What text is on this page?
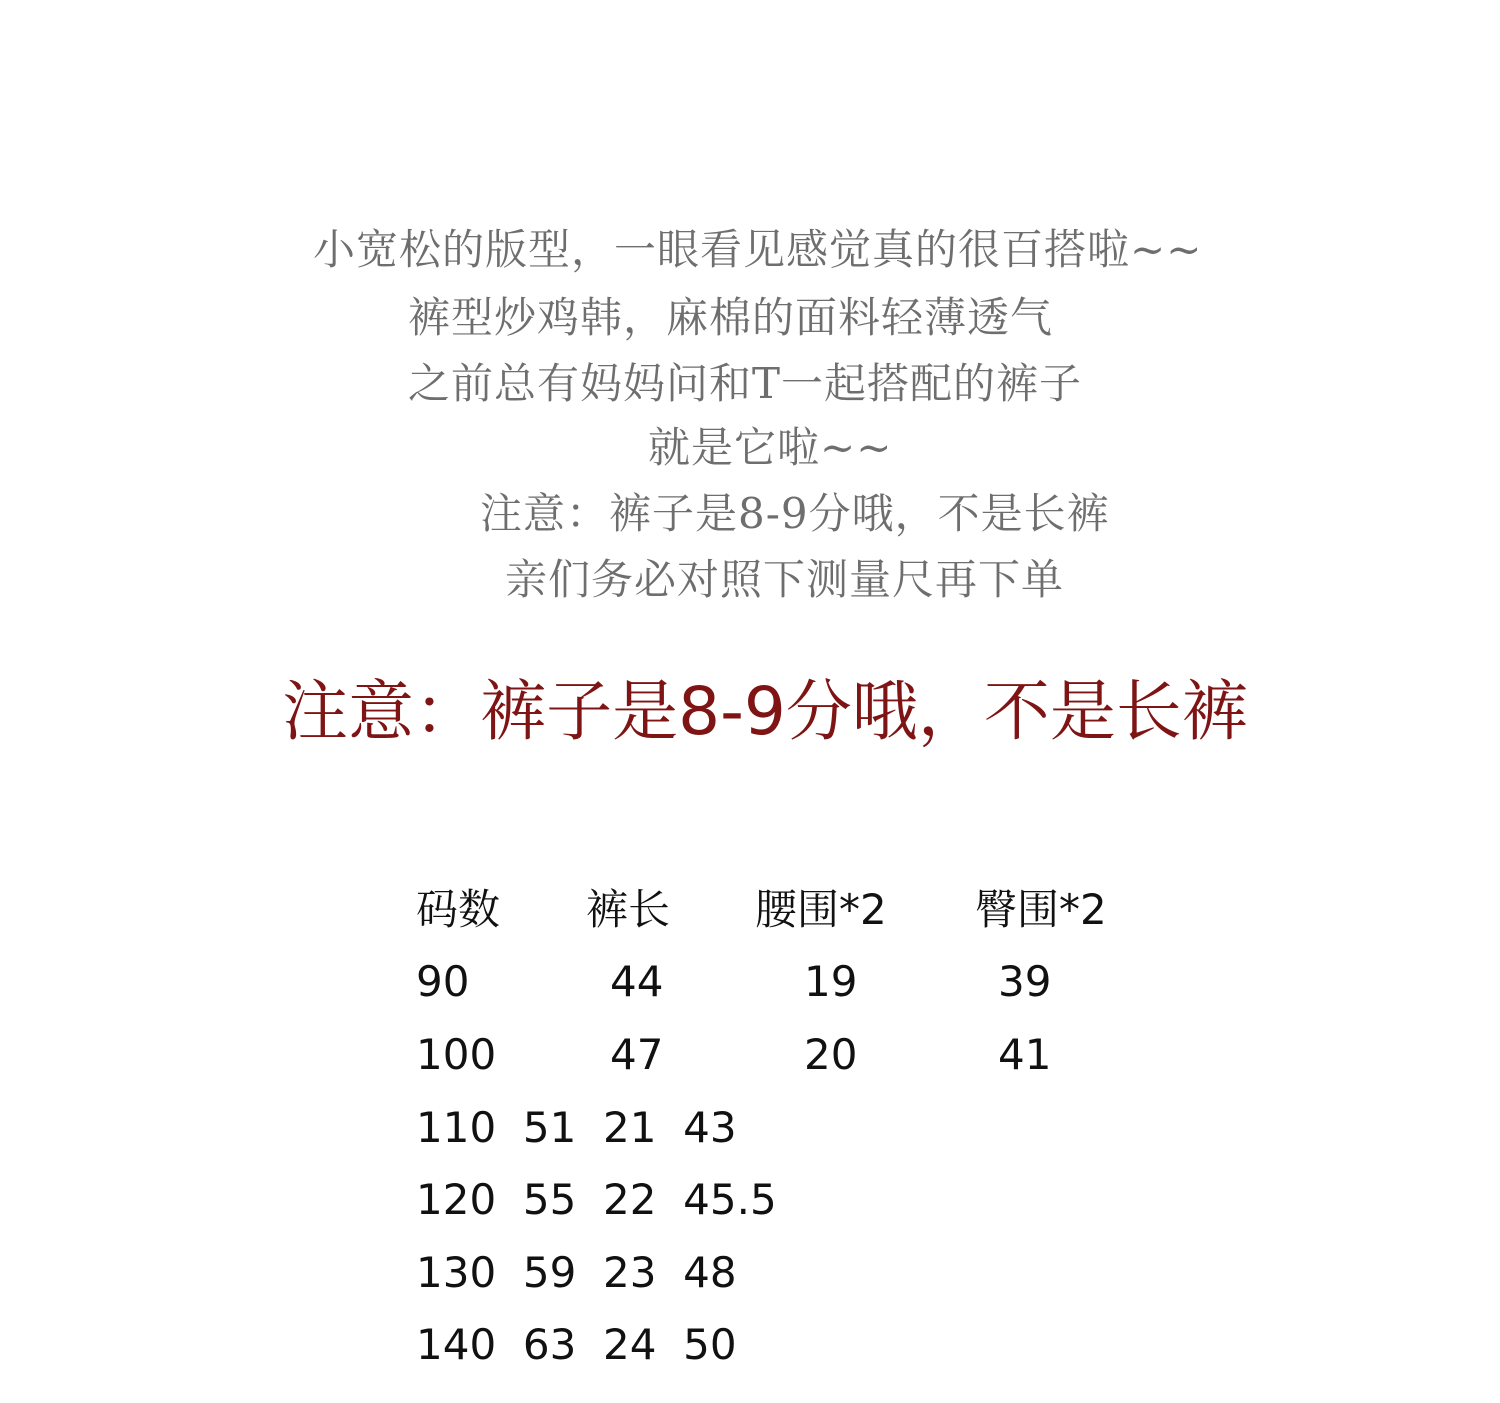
小宽松的版型，一眼看见感觉真的很百搭啦~~
裤型炒鸡韩，麻棉的面料轻薄透气
之前总有妈妈问和T一起搭配的裤子
就是它啦~~
注意：裤子是8-9分哦，不是长裤
亲们务必对照下测量尺再下单
注意：裤子是8-9分哦，不是长裤
码数 裤长 腰围*2 臀围*2
90	44	19	39
100	47	20	41
110  51  21  43
120  55  22  45.5
130  59  23  48
140  63  24  50
